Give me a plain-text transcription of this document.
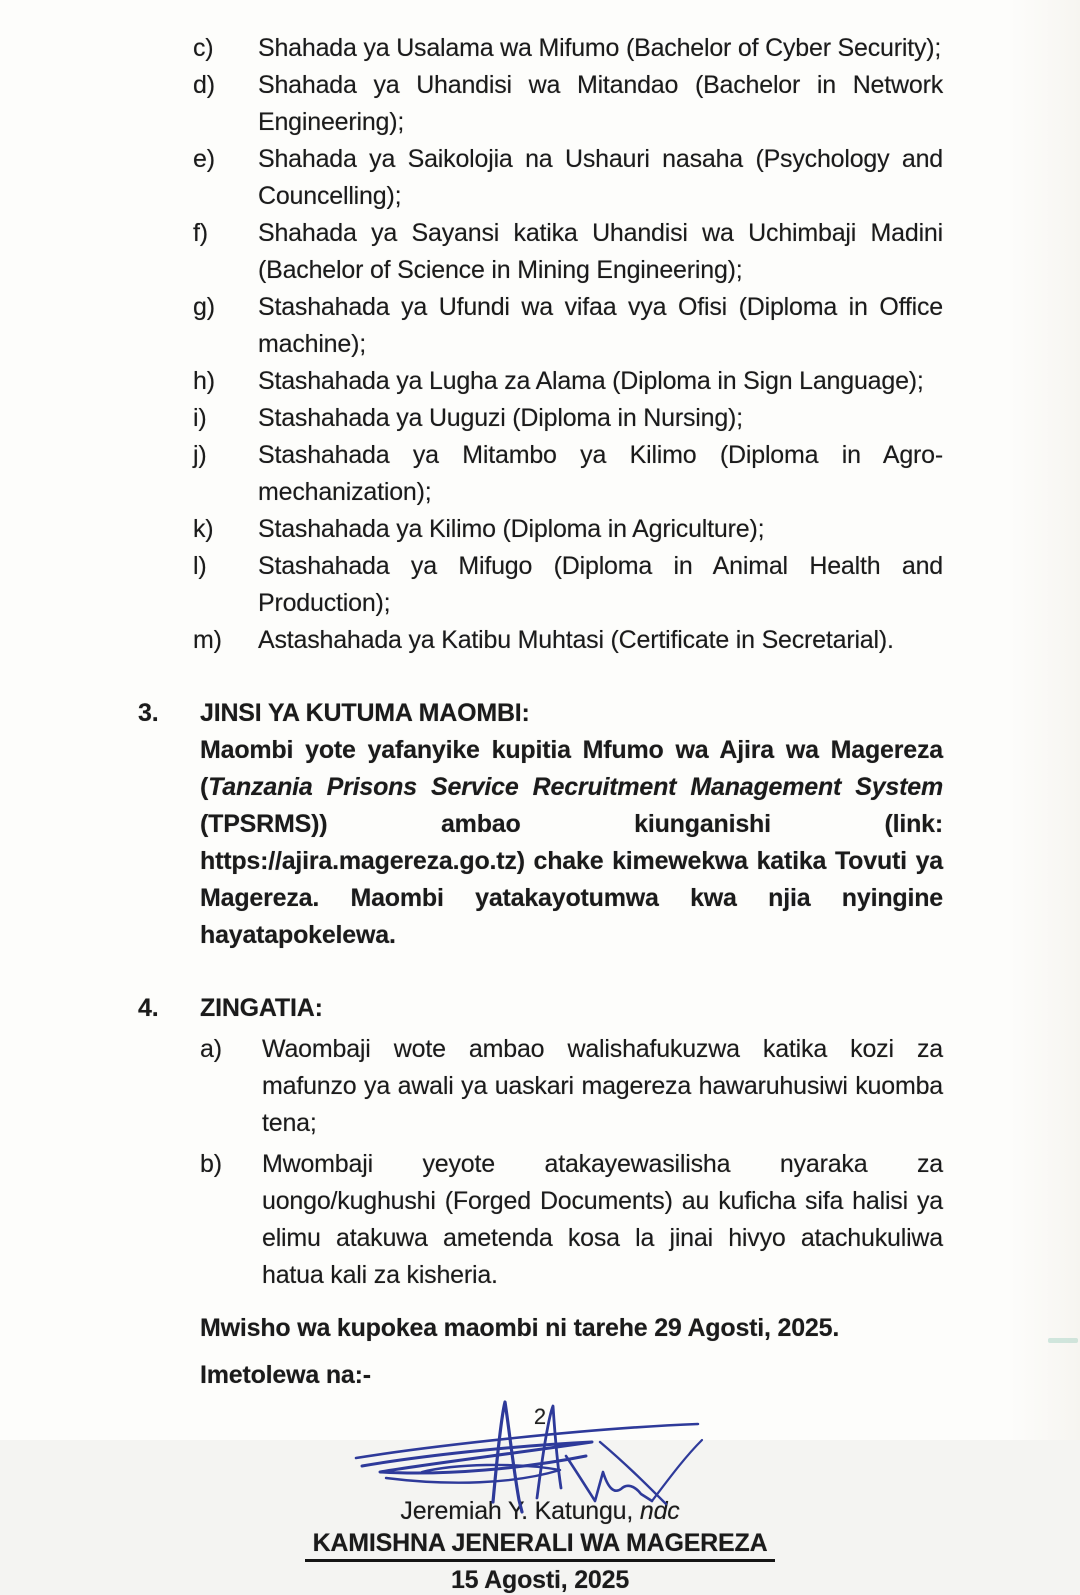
c)	Shahada ya Usalama wa Mifumo (Bachelor of Cyber Security);
d)	Shahada ya Uhandisi wa Mitandao (Bachelor in Network Engineering);
e)	Shahada ya Saikolojia na Ushauri nasaha (Psychology and Councelling);
f)	Shahada ya Sayansi katika Uhandisi wa Uchimbaji Madini (Bachelor of Science in Mining Engineering);
g)	Stashahada ya Ufundi wa vifaa vya Ofisi (Diploma in Office machine);
h)	Stashahada ya Lugha za Alama (Diploma in Sign Language);
i)	Stashahada ya Uuguzi (Diploma in Nursing);
j)	Stashahada ya Mitambo ya Kilimo (Diploma in Agro-mechanization);
k)	Stashahada ya Kilimo (Diploma in Agriculture);
l)	Stashahada ya Mifugo (Diploma in Animal Health and Production);
m)	Astashahada ya Katibu Muhtasi (Certificate in Secretarial).
3.	JINSI YA KUTUMA MAOMBI:

Maombi yote yafanyike kupitia Mfumo wa Ajira wa Magereza (Tanzania Prisons Service Recruitment Management System (TPSRMS)) ambao kiunganishi (link: https://ajira.magereza.go.tz) chake kimewekwa katika Tovuti ya Magereza. Maombi yatakayotumwa kwa njia nyingine hayatapokelewa.

4.	ZINGATIA:
a)	Waombaji wote ambao walishafukuzwa katika kozi za mafunzo ya awali ya uaskari magereza hawaruhusiwi kuomba tena;
b)	Mwombaji yeyote atakayewasilisha nyaraka za uongo/kughushi (Forged Documents) au kuficha sifa halisi ya elimu atakuwa ametenda kosa la jinai hivyo atachukuliwa hatua kali za kisheria.

Mwisho wa kupokea maombi ni tarehe 29 Agosti, 2025.

Imetolewa na:-

Jeremiah Y. Katungu, ndc
KAMISHNA JENERALI WA MAGEREZA
15 Agosti, 2025
2
